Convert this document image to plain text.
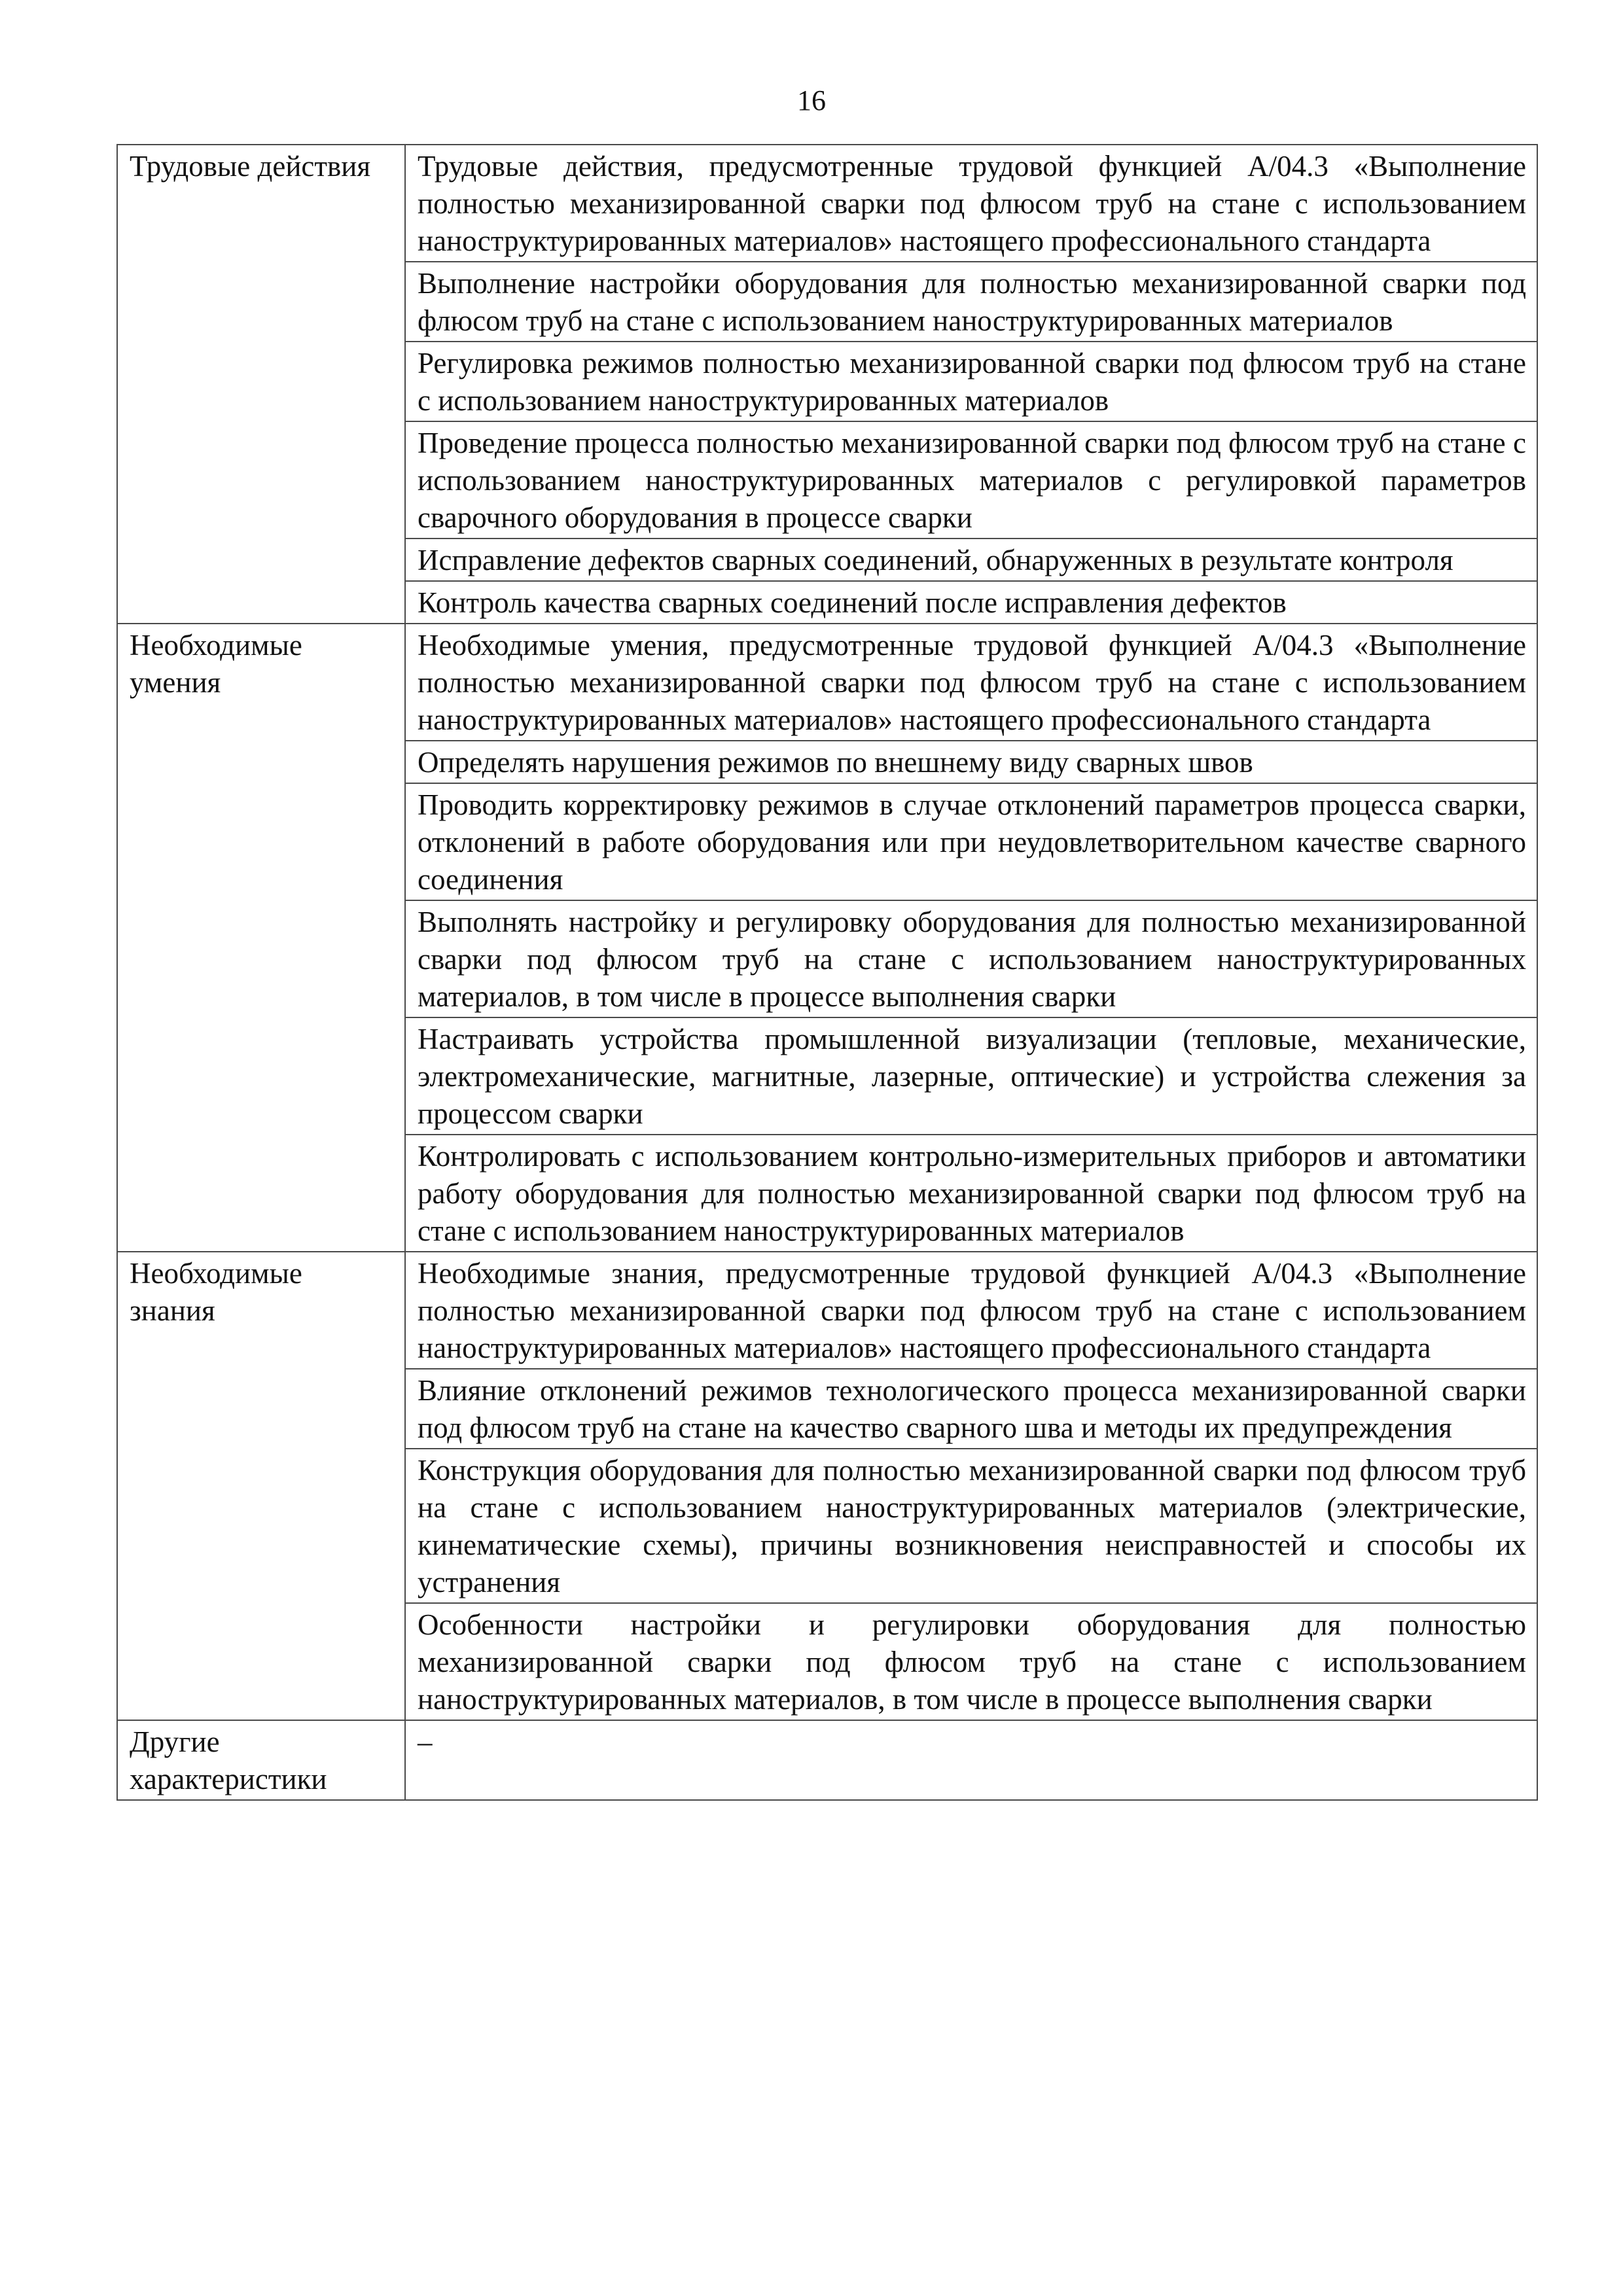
16
Трудовые действия	Трудовые действия, предусмотренные трудовой функцией А/04.3 «Выполнение полностью механизированной сварки под флюсом труб на стане с использованием наноструктурированных материалов» настоящего профессионального стандарта
	Выполнение настройки оборудования для полностью механизированной сварки под флюсом труб на стане с использованием наноструктурированных материалов
	Регулировка режимов полностью механизированной сварки под флюсом труб на стане с использованием наноструктурированных материалов
	Проведение процесса полностью механизированной сварки под флюсом труб на стане с использованием наноструктурированных материалов с регулировкой параметров сварочного оборудования в процессе сварки
	Исправление дефектов сварных соединений, обнаруженных в результате контроля
	Контроль качества сварных соединений после исправления дефектов
Необходимые умения	Необходимые умения, предусмотренные трудовой функцией А/04.3 «Выполнение полностью механизированной сварки под флюсом труб на стане с использованием наноструктурированных материалов» настоящего профессионального стандарта
	Определять нарушения режимов по внешнему виду сварных швов
	Проводить корректировку режимов в случае отклонений параметров процесса сварки, отклонений в работе оборудования или при неудовлетворительном качестве сварного соединения
	Выполнять настройку и регулировку оборудования для полностью механизированной сварки под флюсом труб на стане с использованием наноструктурированных материалов, в том числе в процессе выполнения сварки
	Настраивать устройства промышленной визуализации (тепловые, механические, электромеханические, магнитные, лазерные, оптические) и устройства слежения за процессом сварки
	Контролировать с использованием контрольно-измерительных приборов и автоматики работу оборудования для полностью механизированной сварки под флюсом труб на стане с использованием наноструктурированных материалов
Необходимые знания	Необходимые знания, предусмотренные трудовой функцией А/04.3 «Выполнение полностью механизированной сварки под флюсом труб на стане с использованием наноструктурированных материалов» настоящего профессионального стандарта
	Влияние отклонений режимов технологического процесса механизированной сварки под флюсом труб на стане на качество сварного шва и методы их предупреждения
	Конструкция оборудования для полностью механизированной сварки под флюсом труб на стане с использованием наноструктурированных материалов (электрические, кинематические схемы), причины возникновения неисправностей и способы их устранения
	Особенности настройки и регулировки оборудования для полностью механизированной сварки под флюсом труб на стане с использованием наноструктурированных материалов, в том числе в процессе выполнения сварки
Другие характеристики	–
